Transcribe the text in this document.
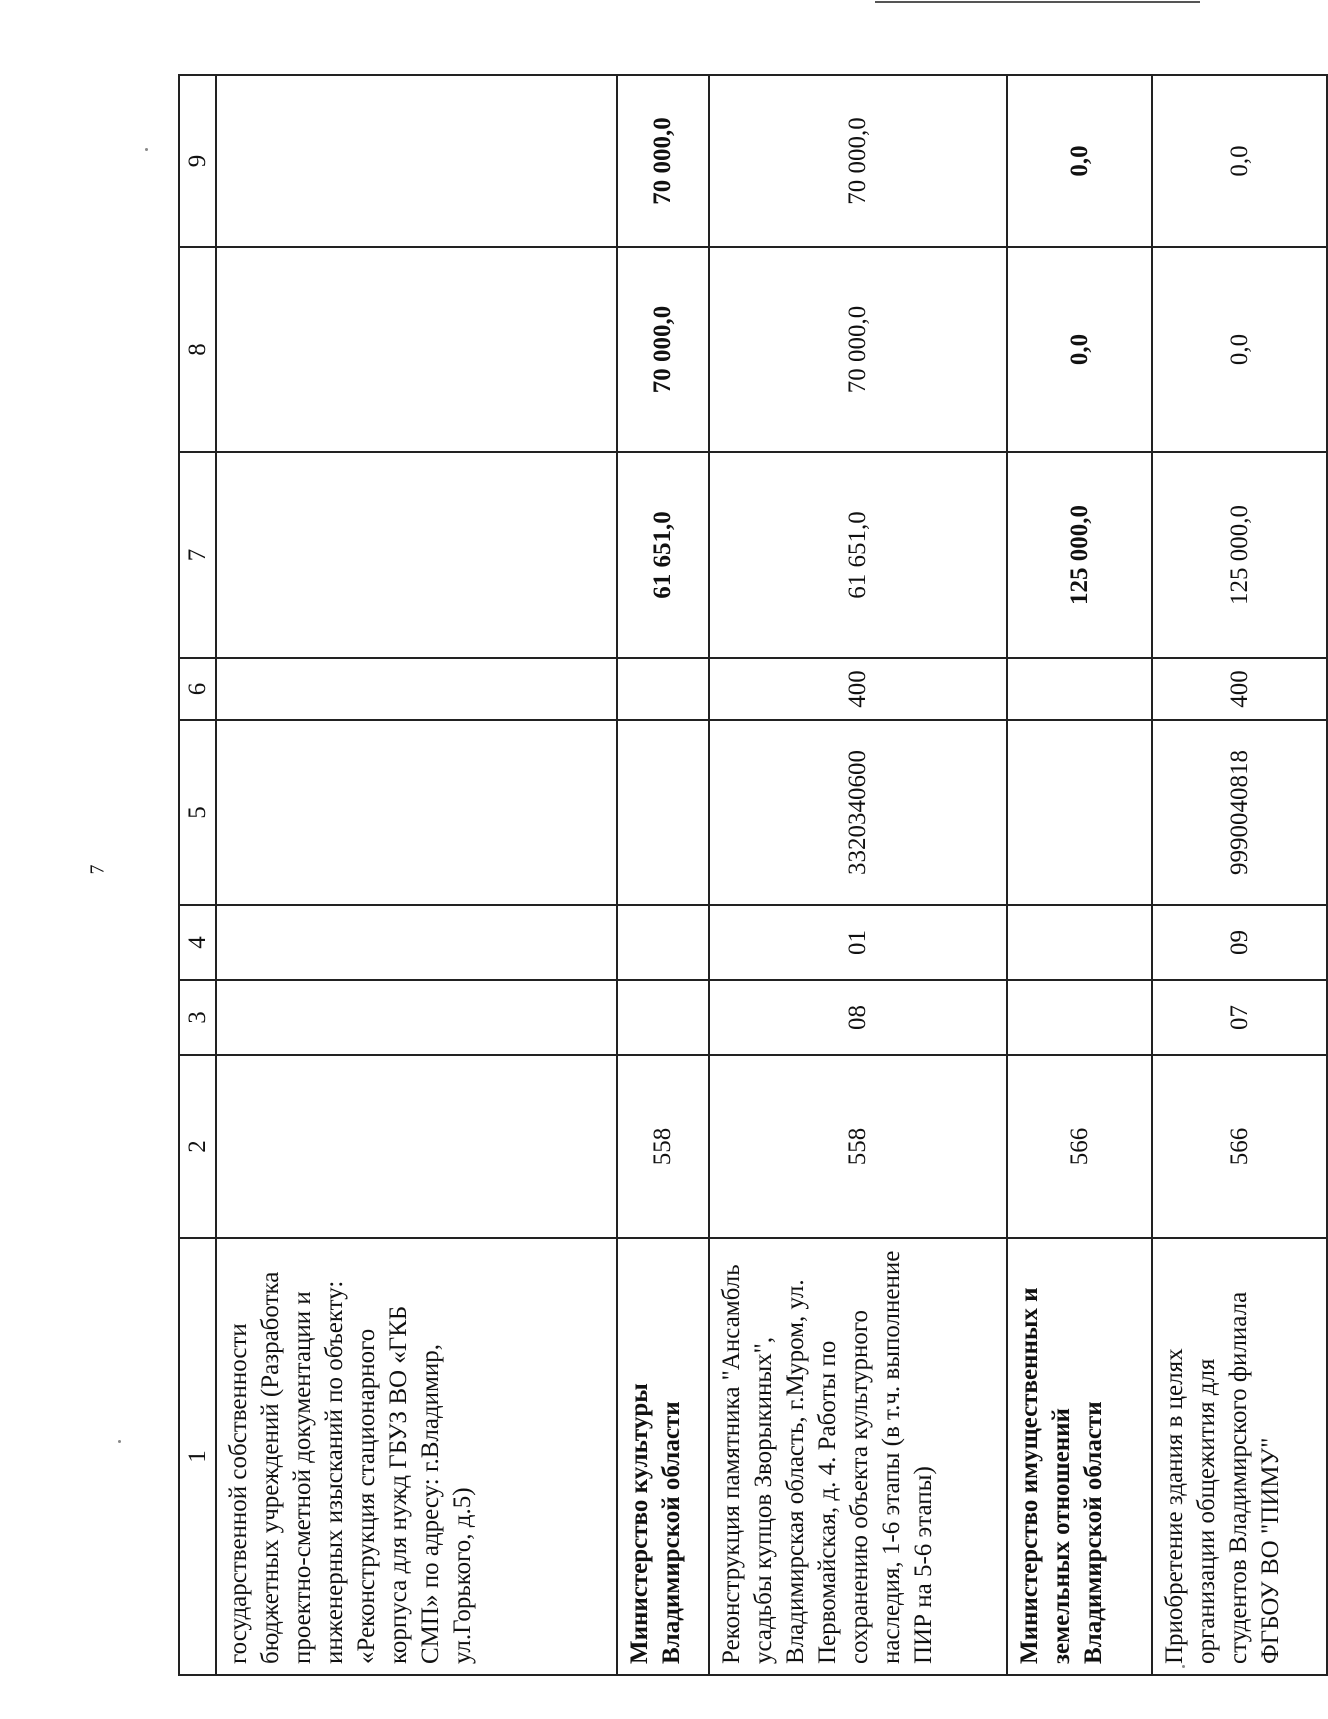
7
1	2	3	4	5	6	7	8	9
государственной собственности бюджетных учреждений (Разработка проектно-сметной документации и инженерных изысканий по объекту: «Реконструкция стационарного корпуса для нужд ГБУЗ ВО «ГКБ СМП» по адресу: г.Владимир, ул.Горького, д.5)								
Министерство культуры Владимирской области	558					61 651,0	70 000,0	70 000,0
Реконструкция памятника "Ансамбль усадьбы купцов Зворыкиных", Владимирская область, г.Муром, ул. Первомайская, д. 4. Работы по сохранению объекта культурного наследия, 1-6 этапы (в т.ч. выполнение ПИР на 5-6 этапы)	558	08	01	3320340600	400	61 651,0	70 000,0	70 000,0
Министерство имущественных и земельных отношений Владимирской области	566					125 000,0	0,0	0,0
Приобретение здания в целях организации общежития для студентов Владимирского филиала ФГБОУ ВО "ПИМУ"	566	07	09	9990040818	400	125 000,0	0,0	0,0
